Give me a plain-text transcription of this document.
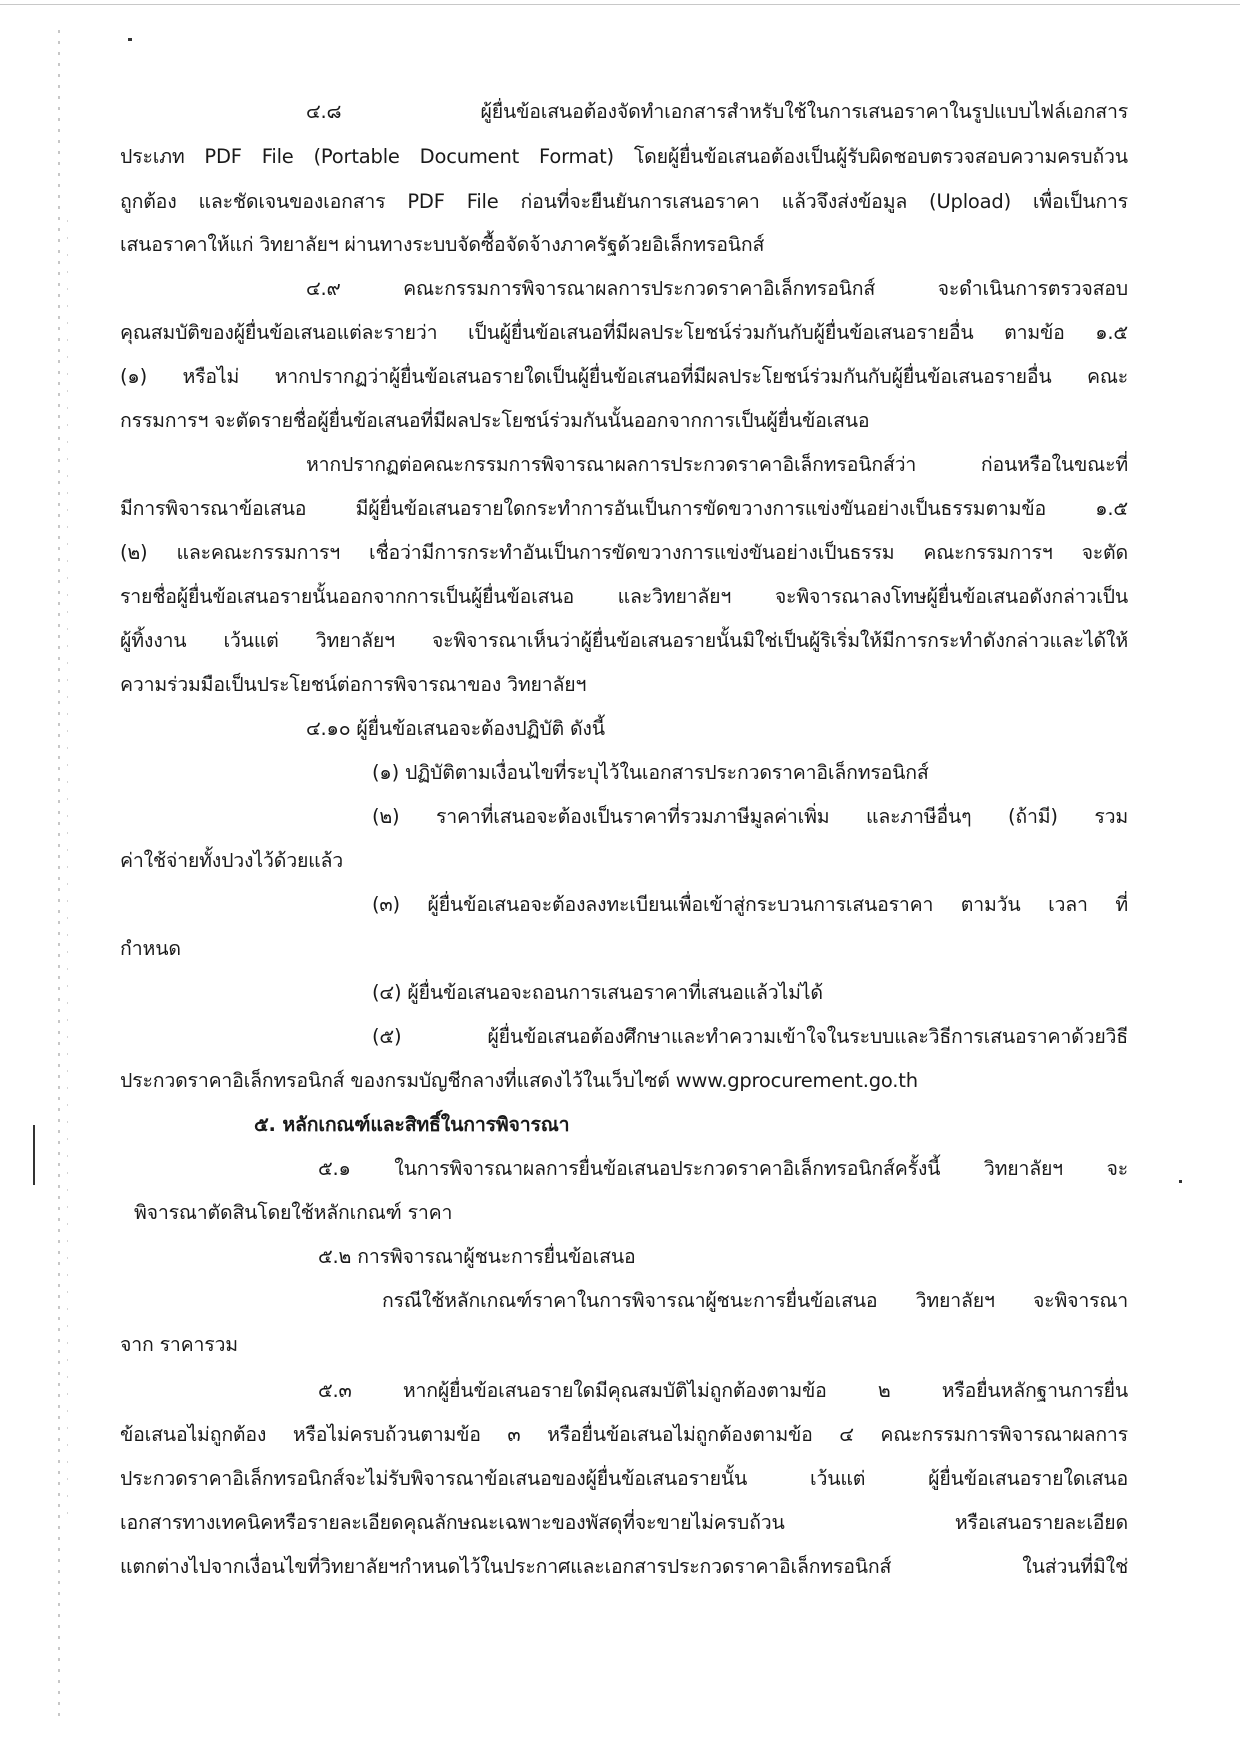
๔.๘	ผู้ยื่นข้อเสนอต้องจัดทำเอกสารสำหรับใช้ในการเสนอราคาในรูปแบบไฟล์เอกสาร
ประเภท PDF File (Portable Document Format) โดยผู้ยื่นข้อเสนอต้องเป็นผู้รับผิดชอบตรวจสอบความครบถ้วน
ถูกต้อง และชัดเจนของเอกสาร PDF File ก่อนที่จะยืนยันการเสนอราคา แล้วจึงส่งข้อมูล (Upload) เพื่อเป็นการ
เสนอราคาให้แก่ วิทยาลัยฯ ผ่านทางระบบจัดซื้อจัดจ้างภาครัฐด้วยอิเล็กทรอนิกส์
๔.๙	คณะกรรมการพิจารณาผลการประกวดราคาอิเล็กทรอนิกส์	จะดำเนินการตรวจสอบ
คุณสมบัติของผู้ยื่นข้อเสนอแต่ละรายว่า เป็นผู้ยื่นข้อเสนอที่มีผลประโยชน์ร่วมกันกับผู้ยื่นข้อเสนอรายอื่น ตามข้อ ๑.๕
(๑) หรือไม่ หากปรากฏว่าผู้ยื่นข้อเสนอรายใดเป็นผู้ยื่นข้อเสนอที่มีผลประโยชน์ร่วมกันกับผู้ยื่นข้อเสนอรายอื่น คณะ
กรรมการฯ จะตัดรายชื่อผู้ยื่นข้อเสนอที่มีผลประโยชน์ร่วมกันนั้นออกจากการเป็นผู้ยื่นข้อเสนอ
หากปรากฏต่อคณะกรรมการพิจารณาผลการประกวดราคาอิเล็กทรอนิกส์ว่า	ก่อนหรือในขณะที่
มีการพิจารณาข้อเสนอ	มีผู้ยื่นข้อเสนอรายใดกระทำการอันเป็นการขัดขวางการแข่งขันอย่างเป็นธรรมตามข้อ	๑.๕
(๒) และคณะกรรมการฯ เชื่อว่ามีการกระทำอันเป็นการขัดขวางการแข่งขันอย่างเป็นธรรม คณะกรรมการฯ จะตัด
รายชื่อผู้ยื่นข้อเสนอรายนั้นออกจากการเป็นผู้ยื่นข้อเสนอ และวิทยาลัยฯ จะพิจารณาลงโทษผู้ยื่นข้อเสนอดังกล่าวเป็น
ผู้ทิ้งงาน เว้นแต่ วิทยาลัยฯ จะพิจารณาเห็นว่าผู้ยื่นข้อเสนอรายนั้นมิใช่เป็นผู้ริเริ่มให้มีการกระทำดังกล่าวและได้ให้
ความร่วมมือเป็นประโยชน์ต่อการพิจารณาของ วิทยาลัยฯ
๔.๑๐ ผู้ยื่นข้อเสนอจะต้องปฏิบัติ ดังนี้
(๑) ปฏิบัติตามเงื่อนไขที่ระบุไว้ในเอกสารประกวดราคาอิเล็กทรอนิกส์
(๒) ราคาที่เสนอจะต้องเป็นราคาที่รวมภาษีมูลค่าเพิ่ม และภาษีอื่นๆ (ถ้ามี) รวม
ค่าใช้จ่ายทั้งปวงไว้ด้วยแล้ว
(๓) ผู้ยื่นข้อเสนอจะต้องลงทะเบียนเพื่อเข้าสู่กระบวนการเสนอราคา ตามวัน เวลา ที่
กำหนด
(๔) ผู้ยื่นข้อเสนอจะถอนการเสนอราคาที่เสนอแล้วไม่ได้
(๕)	ผู้ยื่นข้อเสนอต้องศึกษาและทำความเข้าใจในระบบและวิธีการเสนอราคาด้วยวิธี
ประกวดราคาอิเล็กทรอนิกส์ ของกรมบัญชีกลางที่แสดงไว้ในเว็บไซต์ www.gprocurement.go.th
๕. หลักเกณฑ์และสิทธิ์ในการพิจารณา
๕.๑ ในการพิจารณาผลการยื่นข้อเสนอประกวดราคาอิเล็กทรอนิกส์ครั้งนี้ วิทยาลัยฯ จะ
พิจารณาตัดสินโดยใช้หลักเกณฑ์ ราคา
๕.๒ การพิจารณาผู้ชนะการยื่นข้อเสนอ
กรณีใช้หลักเกณฑ์ราคาในการพิจารณาผู้ชนะการยื่นข้อเสนอ วิทยาลัยฯ จะพิจารณา
จาก ราคารวม
๕.๓	หากผู้ยื่นข้อเสนอรายใดมีคุณสมบัติไม่ถูกต้องตามข้อ	๒	หรือยื่นหลักฐานการยื่น
ข้อเสนอไม่ถูกต้อง หรือไม่ครบถ้วนตามข้อ ๓ หรือยื่นข้อเสนอไม่ถูกต้องตามข้อ ๔ คณะกรรมการพิจารณาผลการ
ประกวดราคาอิเล็กทรอนิกส์จะไม่รับพิจารณาข้อเสนอของผู้ยื่นข้อเสนอรายนั้น	เว้นแต่	ผู้ยื่นข้อเสนอรายใดเสนอ
เอกสารทางเทคนิคหรือรายละเอียดคุณลักษณะเฉพาะของพัสดุที่จะขายไม่ครบถ้วน	หรือเสนอรายละเอียด
แตกต่างไปจากเงื่อนไขที่วิทยาลัยฯกำหนดไว้ในประกาศและเอกสารประกวดราคาอิเล็กทรอนิกส์	ในส่วนที่มิใช่
